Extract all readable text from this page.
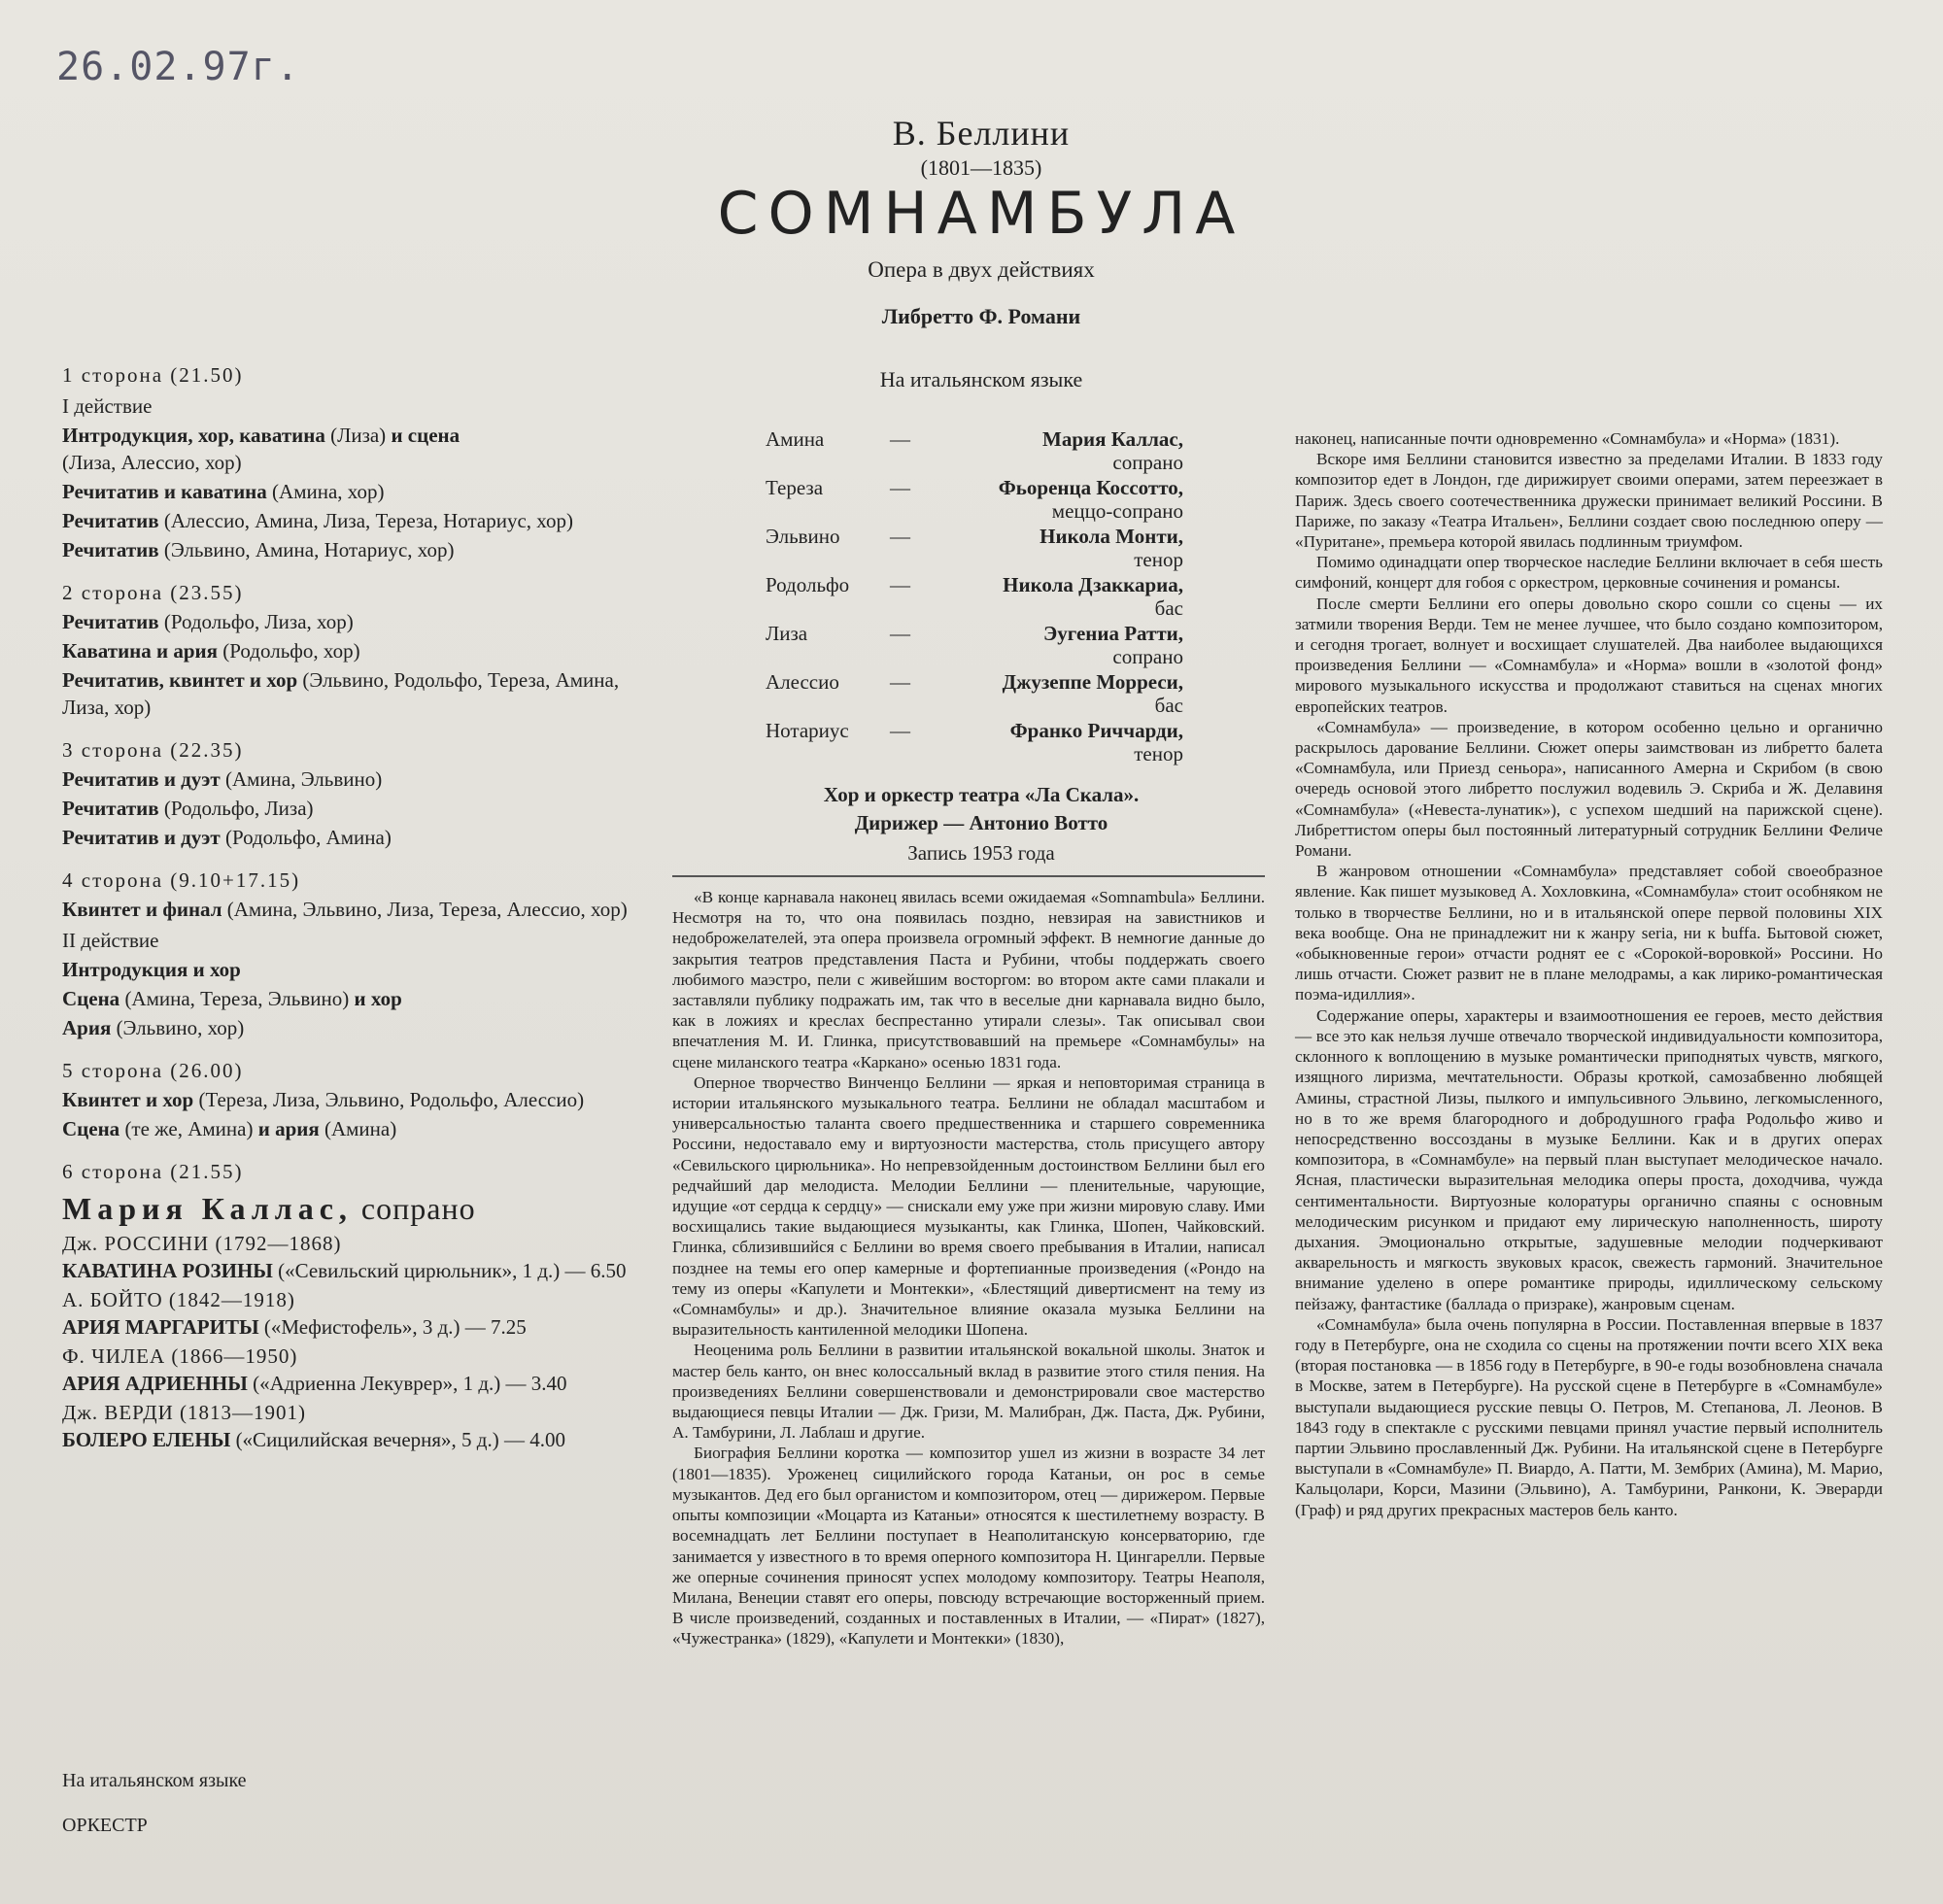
26.02.97г.
В. Беллини
(1801—1835)
СОМНАМБУЛА
Опера в двух действиях
Либретто Ф. Романи
На итальянском языке
1 сторона (21.50)
I действие
Интродукция, хор, каватина (Лиза) и сцена
(Лиза, Алессио, хор)
Речитатив и каватина (Амина, хор)
Речитатив (Алессио, Амина, Лиза, Тереза, Нотариус, хор)
Речитатив (Эльвино, Амина, Нотариус, хор)
2 сторона (23.55)
Речитатив (Родольфо, Лиза, хор)
Каватина и ария (Родольфо, хор)
Речитатив, квинтет и хор (Эльвино, Родольфо, Тереза, Амина, Лиза, хор)
3 сторона (22.35)
Речитатив и дуэт (Амина, Эльвино)
Речитатив (Родольфо, Лиза)
Речитатив и дуэт (Родольфо, Амина)
4 сторона (9.10+17.15)
Квинтет и финал (Амина, Эльвино, Лиза, Тереза, Алессио, хор)
II действие
Интродукция и хор
Сцена (Амина, Тереза, Эльвино) и хор
Ария (Эльвино, хор)
5 сторона (26.00)
Квинтет и хор (Тереза, Лиза, Эльвино, Родольфо, Алессио)
Сцена (те же, Амина) и ария (Амина)
6 сторона (21.55)
Мария Каллас, сопрано
Дж. РОССИНИ (1792—1868)
КАВАТИНА РОЗИНЫ («Севильский цирюльник», 1 д.) — 6.50
А. БОЙТО (1842—1918)
АРИЯ МАРГАРИТЫ («Мефистофель», 3 д.) — 7.25
Ф. ЧИЛЕА (1866—1950)
АРИЯ АДРИЕННЫ («Адриенна Лекуврер», 1 д.) — 3.40
Дж. ВЕРДИ (1813—1901)
БОЛЕРО ЕЛЕНЫ («Сицилийская вечерня», 5 д.) — 4.00
На итальянском языке
ОРКЕСТР
Амина	—	Мария Каллас,
сопрано
Тереза	—	Фьоренца Коссотто,
меццо-сопрано
Эльвино —	Никола Монти,
тенор
Родольфо —	Никола Дзаккариа,
бас
Лиза	—	Эугениа Ратти,
сопрано
Алессио —	Джузеппе Морреси,
бас
Нотариус —	Франко Риччарди,
тенор
Хор и оркестр театра «Ла Скала».
Дирижер — Антонио Вотто
Запись 1953 года

«В конце карнавала наконец явилась всеми ожидаемая «Somnambula» Беллини. Несмотря на то, что она появилась поздно, невзирая на завистников и недоброжелателей, эта опера произвела огромный эффект. В немногие данные до закрытия театров представления Паста и Рубини, чтобы поддержать своего любимого маэстро, пели с живейшим восторгом: во втором акте сами плакали и заставляли публику подражать им, так что в веселые дни карнавала видно было, как в ложиях и креслах беспрестанно утирали слезы». Так описывал свои впечатления М. И. Глинка, присутствовавший на премьере «Сомнамбулы» на сцене миланского театра «Каркано» осенью 1831 года.

Оперное творчество Винченцо Беллини — яркая и неповторимая страница в истории итальянского музыкального театра. Беллини не обладал масштабом и универсальностью таланта своего предшественника и старшего современника Россини, недоставало ему и виртуозности мастерства, столь присущего автору «Севильского цирюльника». Но непревзойденным достоинством Беллини был его редчайший дар мелодиста. Мелодии Беллини — пленительные, чарующие, идущие «от сердца к сердцу» — снискали ему уже при жизни мировую славу. Ими восхищались такие выдающиеся музыканты, как Глинка, Шопен, Чайковский. Глинка, сблизившийся с Беллини во время своего пребывания в Италии, написал позднее на темы его опер камерные и фортепианные произведения («Рондо на тему из оперы «Капулети и Монтекки», «Блестящий дивертисмент на тему из «Сомнамбулы» и др.). Значительное влияние оказала музыка Беллини на выразительность кантиленной мелодики Шопена.

Неоценима роль Беллини в развитии итальянской вокальной школы. Знаток и мастер бель канто, он внес колоссальный вклад в развитие этого стиля пения. На произведениях Беллини совершенствовали и демонстрировали свое мастерство выдающиеся певцы Италии — Дж. Гризи, М. Малибран, Дж. Паста, Дж. Рубини, А. Тамбурини, Л. Лаблаш и другие.

Биография Беллини коротка — композитор ушел из жизни в возрасте 34 лет (1801—1835). Уроженец сицилийского города Катаньи, он рос в семье музыкантов. Дед его был органистом и композитором, отец — дирижером. Первые опыты композиции «Моцарта из Катаньи» относятся к шестилетнему возрасту. В восемнадцать лет Беллини поступает в Неаполитанскую консерваторию, где занимается у известного в то время оперного композитора Н. Цингарелли. Первые же оперные сочинения приносят успех молодому композитору. Театры Неаполя, Милана, Венеции ставят его оперы, повсюду встречающие восторженный прием. В числе произведений, созданных и поставленных в Италии, — «Пират» (1827), «Чужестранка» (1829), «Капулети и Монтекки» (1830),

наконец, написанные почти одновременно «Сомнамбула» и «Норма» (1831).

Вскоре имя Беллини становится известно за пределами Италии. В 1833 году композитор едет в Лондон, где дирижирует своими операми, затем переезжает в Париж. Здесь своего соотечественника дружески принимает великий Россини. В Париже, по заказу «Театра Итальен», Беллини создает свою последнюю оперу — «Пуритане», премьера которой явилась подлинным триумфом.

Помимо одинадцати опер творческое наследие Беллини включает в себя шесть симфоний, концерт для гобоя с оркестром, церковные сочинения и романсы.

После смерти Беллини его оперы довольно скоро сошли со сцены — их затмили творения Верди. Тем не менее лучшее, что было создано композитором, и сегодня трогает, волнует и восхищает слушателей. Два наиболее выдающихся произведения Беллини — «Сомнамбула» и «Норма» вошли в «золотой фонд» мирового музыкального искусства и продолжают ставиться на сценах многих европейских театров.

«Сомнамбула» — произведение, в котором особенно цельно и органично раскрылось дарование Беллини. Сюжет оперы заимствован из либретто балета «Сомнамбула, или Приезд сеньора», написанного Амерна и Скрибом (в свою очередь основой этого либретто послужил водевиль Э. Скриба и Ж. Делавиня «Сомнамбула» («Невеста-лунатик»), с успехом шедший на парижской сцене). Либреттистом оперы был постоянный литературный сотрудник Беллини Феличе Романи.

В жанровом отношении «Сомнамбула» представляет собой своеобразное явление. Как пишет музыковед А. Хохловкина, «Сомнамбула» стоит особняком не только в творчестве Беллини, но и в итальянской опере первой половины XIX века вообще. Она не принадлежит ни к жанру seria, ни к buffa. Бытовой сюжет, «обыкновенные герои» отчасти роднят ее с «Сорокой-воровкой» Россини. Но лишь отчасти. Сюжет развит не в плане мелодрамы, а как лирико-романтическая поэма-идиллия».

Содержание оперы, характеры и взаимоотношения ее героев, место действия — все это как нельзя лучше отвечало творческой индивидуальности композитора, склонного к воплощению в музыке романтически приподнятых чувств, мягкого, изящного лиризма, мечтательности. Образы кроткой, самозабвенно любящей Амины, страстной Лизы, пылкого и импульсивного Эльвино, легкомысленного, но в то же время благородного и добродушного графа Родольфо живо и непосредственно воссозданы в музыке Беллини. Как и в других операх композитора, в «Сомнамбуле» на первый план выступает мелодическое начало. Ясная, пластически выразительная мелодика оперы проста, доходчива, чужда сентиментальности. Виртуозные колоратуры органично спаяны с основным мелодическим рисунком и придают ему лирическую наполненность, широту дыхания. Эмоционально открытые, задушевные мелодии подчеркивают акварельность и мягкость звуковых красок, свежесть гармоний. Значительное внимание уделено в опере романтике природы, идиллическому сельскому пейзажу, фантастике (баллада о призраке), жанровым сценам.

«Сомнамбула» была очень популярна в России. Поставленная впервые в 1837 году в Петербурге, она не сходила со сцены на протяжении почти всего XIX века (вторая постановка — в 1856 году в Петербурге, в 90-е годы возобновлена сначала в Москве, затем в Петербурге). На русской сцене в Петербурге в «Сомнамбуле» выступали выдающиеся русские певцы О. Петров, М. Степанова, Л. Леонов. В 1843 году в спектакле с русскими певцами принял участие первый исполнитель партии Эльвино прославленный Дж. Рубини. На итальянской сцене в Петербурге выступали в «Сомнамбуле» П. Виардо, А. Патти, М. Зембрих (Амина), М. Марио, Кальцолари, Корси, Мазини (Эльвино), А. Тамбурини, Ранкони, К. Эверарди (Граф) и ряд других прекрасных мастеров бель канто.
